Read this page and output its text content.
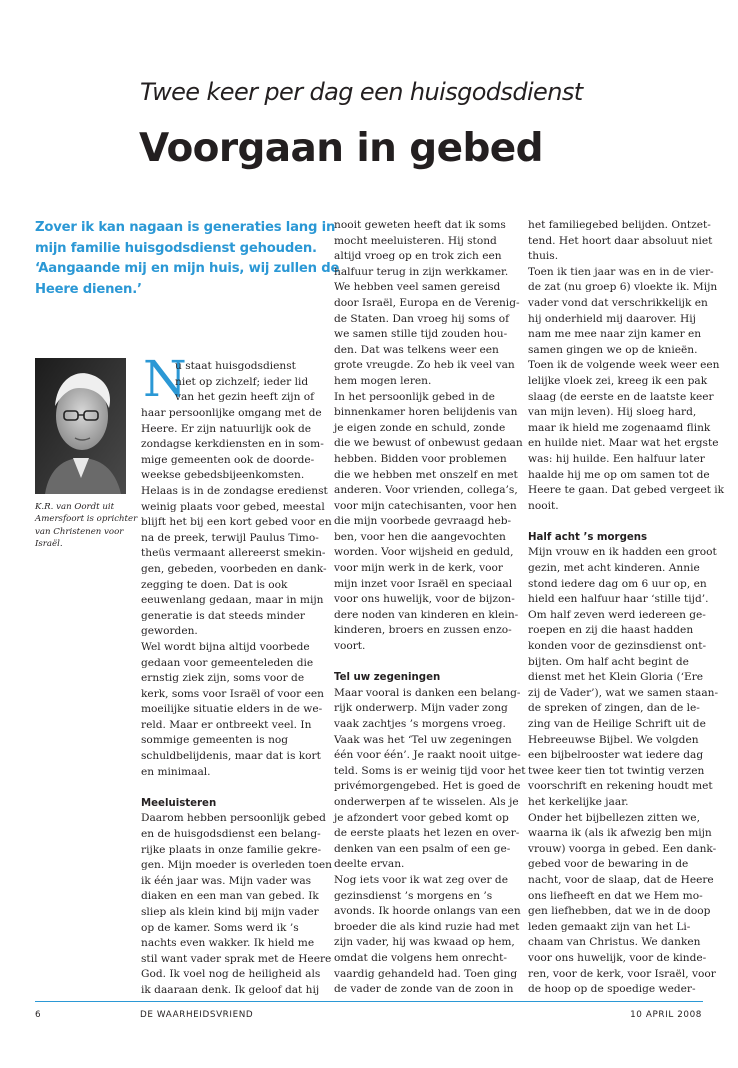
Twee keer per dag een huisgodsdienst
Voorgaan in gebed
Zover ik kan nagaan is generaties lang in
mijn familie huisgodsdienst gehouden.
‘Aangaande mij en mijn huis, wij zullen de
Heere dienen.’
K.R. van Oordt uit
Amersfoort is oprichter
van Christenen voor
Israël.
N
u staat huisgodsdienst
niet op zichzelf; ieder lid
van het gezin heeft zijn of
haar persoonlijke omgang met de
Heere. Er zijn natuurlijk ook de
zondagse kerkdiensten en in som-
mige gemeenten ook de doorde-
weekse gebedsbijeenkomsten.
Helaas is in de zondagse eredienst
weinig plaats voor gebed, meestal
blijft het bij een kort gebed voor en
na de preek, terwijl Paulus Timo-
theüs vermaant allereerst smekin-
gen, gebeden, voorbeden en dank-
zegging te doen. Dat is ook
eeuwenlang gedaan, maar in mijn
generatie is dat steeds minder
geworden.
Wel wordt bijna altijd voorbede
gedaan voor gemeenteleden die
ernstig ziek zijn, soms voor de
kerk, soms voor Israël of voor een
moeilijke situatie elders in de we-
reld. Maar er ontbreekt veel. In
sommige gemeenten is nog
schuldbelijdenis, maar dat is kort
en minimaal.
Meeluisteren
Daarom hebben persoonlijk gebed
en de huisgodsdienst een belang-
rijke plaats in onze familie gekre-
gen. Mijn moeder is overleden toen
ik één jaar was. Mijn vader was
diaken en een man van gebed. Ik
sliep als klein kind bij mijn vader
op de kamer. Soms werd ik ’s
nachts even wakker. Ik hield me
stil want vader sprak met de Heere
God. Ik voel nog de heiligheid als
ik daaraan denk. Ik geloof dat hij
nooit geweten heeft dat ik soms
mocht meeluisteren. Hij stond
altijd vroeg op en trok zich een
halfuur terug in zijn werkkamer.
We hebben veel samen gereisd
door Israël, Europa en de Verenig-
de Staten. Dan vroeg hij soms of
we samen stille tijd zouden hou-
den. Dat was telkens weer een
grote vreugde. Zo heb ik veel van
hem mogen leren.
In het persoonlijk gebed in de
binnenkamer horen belijdenis van
je eigen zonde en schuld, zonde
die we bewust of onbewust gedaan
hebben. Bidden voor problemen
die we hebben met onszelf en met
anderen. Voor vrienden, collega’s,
voor mijn catechisanten, voor hen
die mijn voorbede gevraagd heb-
ben, voor hen die aangevochten
worden. Voor wijsheid en geduld,
voor mijn werk in de kerk, voor
mijn inzet voor Israël en speciaal
voor ons huwelijk, voor de bijzon-
dere noden van kinderen en klein-
kinderen, broers en zussen enzo-
voort.
Tel uw zegeningen
Maar vooral is danken een belang-
rijk onderwerp. Mijn vader zong
vaak zachtjes ’s morgens vroeg.
Vaak was het ‘Tel uw zegeningen
één voor één’. Je raakt nooit uitge-
teld. Soms is er weinig tijd voor het
privémorgengebed. Het is goed de
onderwerpen af te wisselen. Als je
je afzondert voor gebed komt op
de eerste plaats het lezen en over-
denken van een psalm of een ge-
deelte ervan.
Nog iets voor ik wat zeg over de
gezinsdienst ’s morgens en ’s
avonds. Ik hoorde onlangs van een
broeder die als kind ruzie had met
zijn vader, hij was kwaad op hem,
omdat die volgens hem onrecht-
vaardig gehandeld had. Toen ging
de vader de zonde van de zoon in
het familiegebed belijden. Ontzet-
tend. Het hoort daar absoluut niet
thuis.
Toen ik tien jaar was en in de vier-
de zat (nu groep 6) vloekte ik. Mijn
vader vond dat verschrikkelijk en
hij onderhield mij daarover. Hij
nam me mee naar zijn kamer en
samen gingen we op de knieën.
Toen ik de volgende week weer een
lelijke vloek zei, kreeg ik een pak
slaag (de eerste en de laatste keer
van mijn leven). Hij sloeg hard,
maar ik hield me zogenaamd flink
en huilde niet. Maar wat het ergste
was: hij huilde. Een halfuur later
haalde hij me op om samen tot de
Heere te gaan. Dat gebed vergeet ik
nooit.
Half acht ’s morgens
Mijn vrouw en ik hadden een groot
gezin, met acht kinderen. Annie
stond iedere dag om 6 uur op, en
hield een halfuur haar ‘stille tijd’.
Om half zeven werd iedereen ge-
roepen en zij die haast hadden
konden voor de gezinsdienst ont-
bijten. Om half acht begint de
dienst met het Klein Gloria (‘Ere
zij de Vader’), wat we samen staan-
de spreken of zingen, dan de le-
zing van de Heilige Schrift uit de
Hebreeuwse Bijbel. We volgden
een bijbelrooster wat iedere dag
twee keer tien tot twintig verzen
voorschrift en rekening houdt met
het kerkelijke jaar.
Onder het bijbellezen zitten we,
waarna ik (als ik afwezig ben mijn
vrouw) voorga in gebed. Een dank-
gebed voor de bewaring in de
nacht, voor de slaap, dat de Heere
ons liefheeft en dat we Hem mo-
gen liefhebben, dat we in de doop
leden gemaakt zijn van het Li-
chaam van Christus. We danken
voor ons huwelijk, voor de kinde-
ren, voor de kerk, voor Israël, voor
de hoop op de spoedige weder-
6	DE WAARHEIDSVRIEND	10 APRIL 2008
